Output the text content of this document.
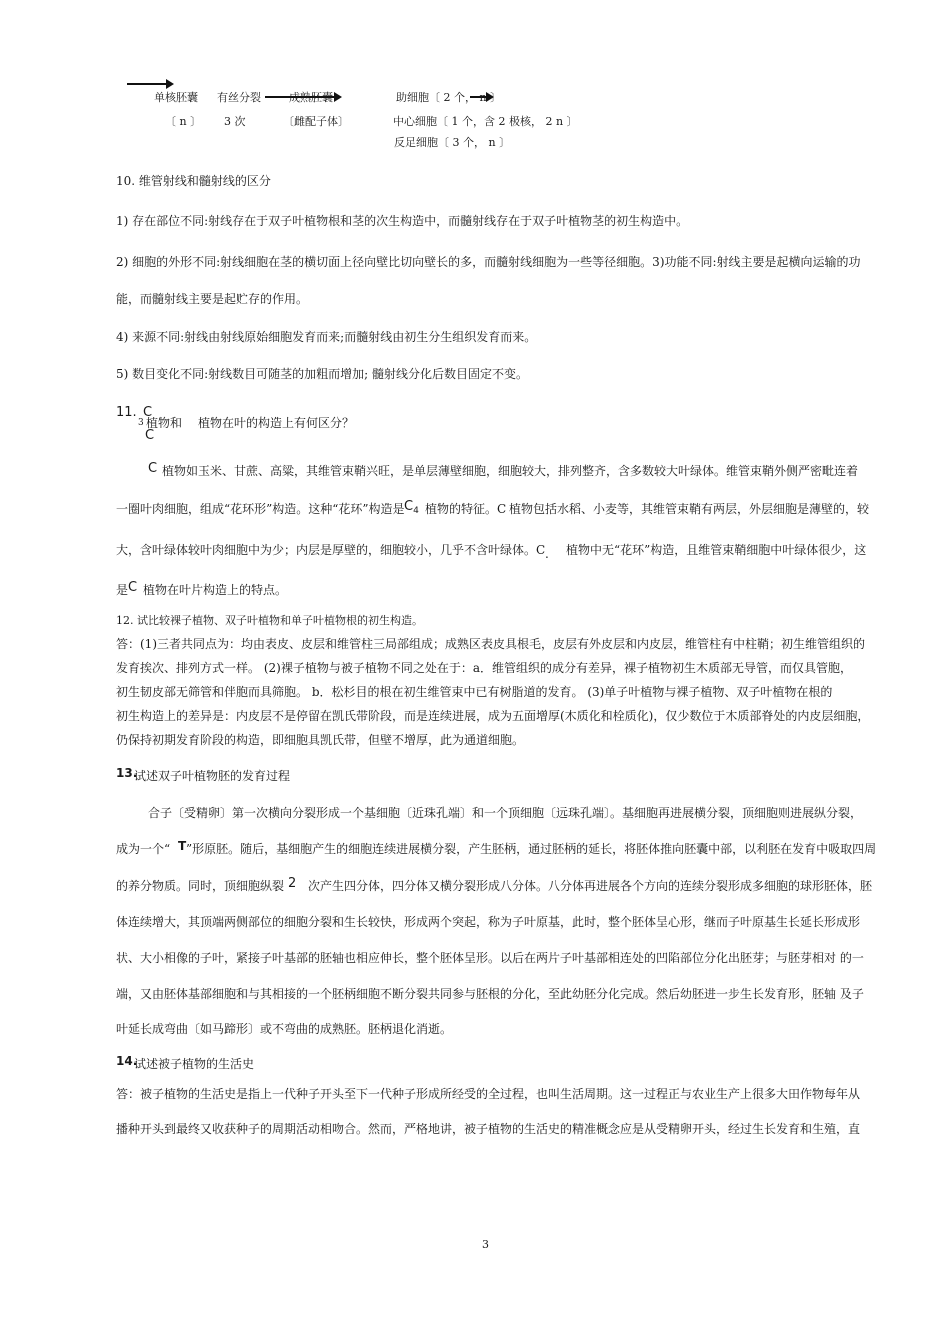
单核胚囊 有丝分裂	成熟胚囊	助细胞〔 2 个， n 〕
〔 n 〕 3 次	〔雌配子体〕	中心细胞〔 1 个，含 2 极核， 2 n 〕
反足细胞〔 3 个， n 〕
10. 维管射线和髓射线的区分
1) 存在部位不同:射线存在于双子叶植物根和茎的次生构造中，而髓射线存在于双子叶植物茎的初生构造中。
2) 细胞的外形不同:射线细胞在茎的横切面上径向壁比切向壁长的多，而髓射线细胞为一些等径细胞。3)功能不同:射线主要是起横向运输的功
能，而髓射线主要是起贮存的作用。
4) 来源不同:射线由射线原始细胞发育而来;而髓射线由初生分生组织发育而来。
5) 数目变化不同:射线数目可随茎的加粗而增加; 髓射线分化后数目固定不变。
11. C
3 植物和
C
植物在叶的构造上有何区分？
C 植物如玉米、甘蔗、高粱，其维管束鞘兴旺，是单层薄壁细胞，细胞较大，排列整齐，含多数较大叶绿体。维管束鞘外侧严密毗连着
一圈叶肉细胞，组成“花环形”构造。这种“花环”构造是 $C_4$ 植物的特征。C 植物包括水稻、小麦等，其维管束鞘有两层，外层细胞是薄壁的，较
大，含叶绿体较叶肉细胞中为少；内层是厚壁的，细胞较小，几乎不含叶绿体。C . 植物中无“花环”构造，且维管束鞘细胞中叶绿体很少，这
是 C 植物在叶片构造上的特点。
12. 试比较裸子植物、双子叶植物和单子叶植物根的初生构造。
答：(1)三者共同点为：均由表皮、皮层和维管柱三局部组成；成熟区表皮具根毛，皮层有外皮层和内皮层，维管柱有中柱鞘；初生维管组织的
发育挨次、排列方式一样。 (2)裸子植物与被子植物不同之处在于：a．维管组织的成分有差异，裸子植物初生木质部无导管，而仅具管胞，
初生韧皮部无筛管和伴胞而具筛胞。 b．松杉目的根在初生维管束中已有树脂道的发育。 (3)单子叶植物与裸子植物、双子叶植物在根的
初生构造上的差异是：内皮层不是停留在凯氏带阶段，而是连续进展，成为五面增厚(木质化和栓质化)，仅少数位于木质部脊处的内皮层细胞，
仍保持初期发育阶段的构造，即细胞具凯氏带，但壁不增厚，此为通道细胞。
13.
试述双子叶植物胚的发育过程
合子〔受精卵〕第一次横向分裂形成一个基细胞〔近珠孔端〕和一个顶细胞〔远珠孔端〕。基细胞再进展横分裂，顶细胞则进展纵分裂，
成为一个“ T ”形原胚。随后，基细胞产生的细胞连续进展横分裂，产生胚柄，通过胚柄的延长，将胚体推向胚囊中部，以利胚在发育中吸取四周
的养分物质。同时，顶细胞纵裂 2 次产生四分体，四分体又横分裂形成八分体。八分体再进展各个方向的连续分裂形成多细胞的球形胚体，胚
体连续增大，其顶端两侧部位的细胞分裂和生长较快，形成两个突起，称为子叶原基，此时，整个胚体呈心形，继而子叶原基生长延长形成形
状、大小相像的子叶，紧接子叶基部的胚轴也相应伸长，整个胚体呈形。以后在两片子叶基部相连处的凹陷部位分化出胚芽；与胚芽相对 的一
端，又由胚体基部细胞和与其相接的一个胚柄细胞不断分裂共同参与胚根的分化，至此幼胚分化完成。然后幼胚进一步生长发育形，胚轴 及子
叶延长成弯曲〔如马蹄形〕或不弯曲的成熟胚。胚柄退化消逝。
14.
试述被子植物的生活史
答：被子植物的生活史是指上一代种子开头至下一代种子形成所经受的全过程，也叫生活周期。这一过程正与农业生产上很多大田作物每年从
播种开头到最终又收获种子的周期活动相吻合。然而，严格地讲，被子植物的生活史的精准概念应是从受精卵开头，经过生长发育和生殖，直
3
